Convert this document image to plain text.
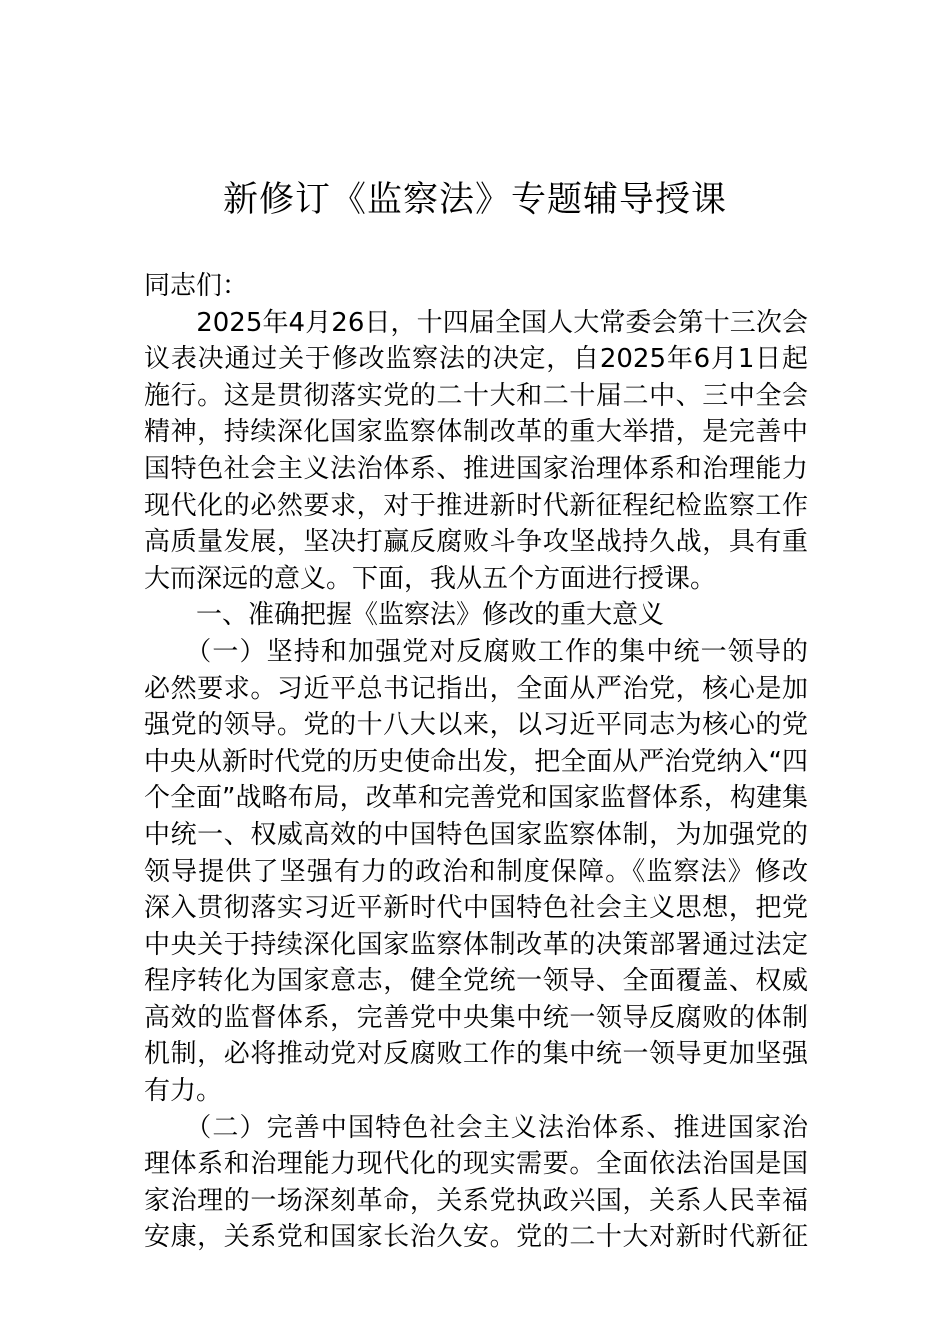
新修订《监察法》专题辅导授课
同志们：
　　2025年4月26日，十四届全国人大常委会第十三次会
议表决通过关于修改监察法的决定，自2025年6月1日起
施行。这是贯彻落实党的二十大和二十届二中、三中全会
精神，持续深化国家监察体制改革的重大举措，是完善中
国特色社会主义法治体系、推进国家治理体系和治理能力
现代化的必然要求，对于推进新时代新征程纪检监察工作
高质量发展，坚决打赢反腐败斗争攻坚战持久战，具有重
大而深远的意义。下面，我从五个方面进行授课。
　　一、准确把握《监察法》修改的重大意义
　　（一）坚持和加强党对反腐败工作的集中统一领导的
必然要求。习近平总书记指出，全面从严治党，核心是加
强党的领导。党的十八大以来，以习近平同志为核心的党
中央从新时代党的历史使命出发，把全面从严治党纳入“四
个全面”战略布局，改革和完善党和国家监督体系，构建集
中统一、权威高效的中国特色国家监察体制，为加强党的
领导提供了坚强有力的政治和制度保障。《监察法》修改
深入贯彻落实习近平新时代中国特色社会主义思想，把党
中央关于持续深化国家监察体制改革的决策部署通过法定
程序转化为国家意志，健全党统一领导、全面覆盖、权威
高效的监督体系，完善党中央集中统一领导反腐败的体制
机制，必将推动党对反腐败工作的集中统一领导更加坚强
有力。
　　（二）完善中国特色社会主义法治体系、推进国家治
理体系和治理能力现代化的现实需要。全面依法治国是国
家治理的一场深刻革命，关系党执政兴国，关系人民幸福
安康，关系党和国家长治久安。党的二十大对新时代新征
